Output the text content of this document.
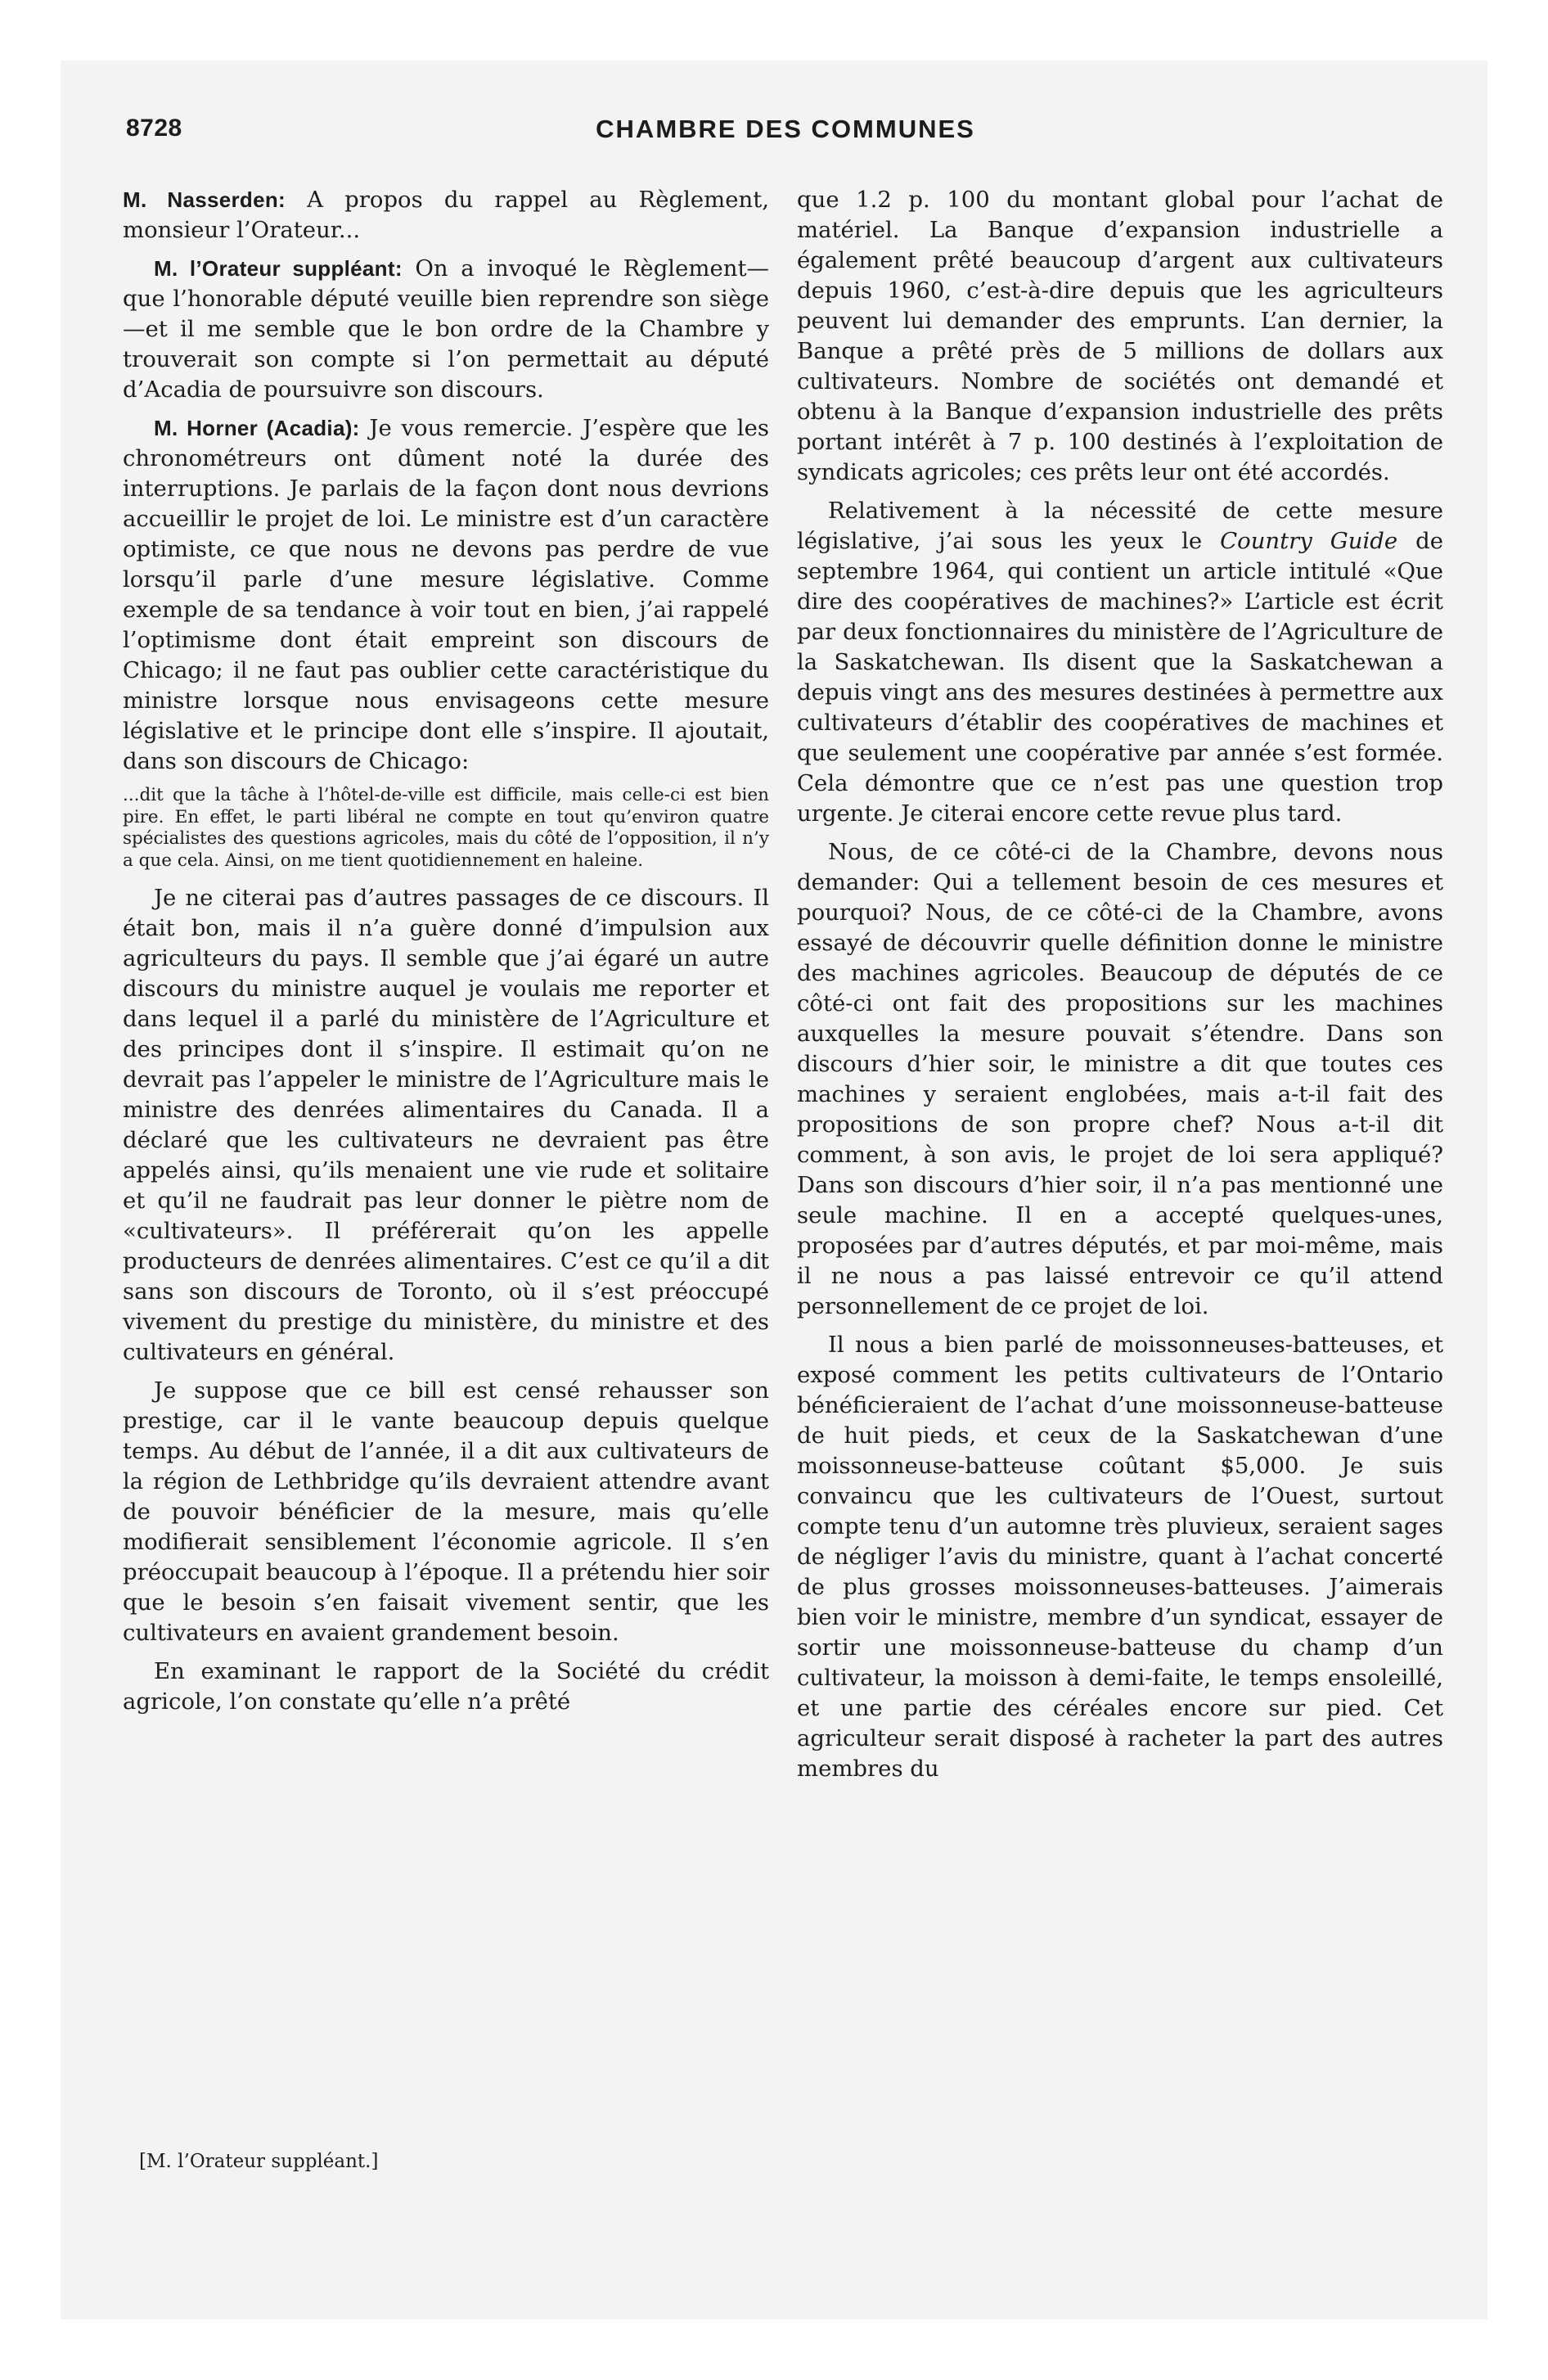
8728	CHAMBRE DES COMMUNES

M. Nasserden: A propos du rappel au Règlement, monsieur l’Orateur...

M. l’Orateur suppléant: On a invoqué le Règlement—que l’honorable député veuille bien reprendre son siège—et il me semble que le bon ordre de la Chambre y trouverait son compte si l’on permettait au député d’Acadia de poursuivre son discours.

M. Horner (Acadia): Je vous remercie. J’espère que les chronométreurs ont dûment noté la durée des interruptions. Je parlais de la façon dont nous devrions accueillir le projet de loi. Le ministre est d’un caractère optimiste, ce que nous ne devons pas perdre de vue lorsqu’il parle d’une mesure législative. Comme exemple de sa tendance à voir tout en bien, j’ai rappelé l’optimisme dont était empreint son discours de Chicago; il ne faut pas oublier cette caractéristique du ministre lorsque nous envisageons cette mesure législative et le principe dont elle s’inspire. Il ajoutait, dans son discours de Chicago:

...dit que la tâche à l’hôtel-de-ville est difficile, mais celle-ci est bien pire. En effet, le parti libéral ne compte en tout qu’environ quatre spécialistes des questions agricoles, mais du côté de l’opposition, il n’y a que cela. Ainsi, on me tient quotidiennement en haleine.

Je ne citerai pas d’autres passages de ce discours. Il était bon, mais il n’a guère donné d’impulsion aux agriculteurs du pays. Il semble que j’ai égaré un autre discours du ministre auquel je voulais me reporter et dans lequel il a parlé du ministère de l’Agriculture et des principes dont il s’inspire. Il estimait qu’on ne devrait pas l’appeler le ministre de l’Agriculture mais le ministre des denrées alimentaires du Canada. Il a déclaré que les cultivateurs ne devraient pas être appelés ainsi, qu’ils menaient une vie rude et solitaire et qu’il ne faudrait pas leur donner le piètre nom de «cultivateurs». Il préférerait qu’on les appelle producteurs de denrées alimentaires. C’est ce qu’il a dit sans son discours de Toronto, où il s’est préoccupé vivement du prestige du ministère, du ministre et des cultivateurs en général.

Je suppose que ce bill est censé rehausser son prestige, car il le vante beaucoup depuis quelque temps. Au début de l’année, il a dit aux cultivateurs de la région de Lethbridge qu’ils devraient attendre avant de pouvoir bénéficier de la mesure, mais qu’elle modifierait sensiblement l’économie agricole. Il s’en préoccupait beaucoup à l’époque. Il a prétendu hier soir que le besoin s’en faisait vivement sentir, que les cultivateurs en avaient grandement besoin.

En examinant le rapport de la Société du crédit agricole, l’on constate qu’elle n’a prêté

que 1.2 p. 100 du montant global pour l’achat de matériel. La Banque d’expansion industrielle a également prêté beaucoup d’argent aux cultivateurs depuis 1960, c’est-à-dire depuis que les agriculteurs peuvent lui demander des emprunts. L’an dernier, la Banque a prêté près de 5 millions de dollars aux cultivateurs. Nombre de sociétés ont demandé et obtenu à la Banque d’expansion industrielle des prêts portant intérêt à 7 p. 100 destinés à l’exploitation de syndicats agricoles; ces prêts leur ont été accordés.

Relativement à la nécessité de cette mesure législative, j’ai sous les yeux le Country Guide de septembre 1964, qui contient un article intitulé «Que dire des coopératives de machines?» L’article est écrit par deux fonctionnaires du ministère de l’Agriculture de la Saskatchewan. Ils disent que la Saskatchewan a depuis vingt ans des mesures destinées à permettre aux cultivateurs d’établir des coopératives de machines et que seulement une coopérative par année s’est formée. Cela démontre que ce n’est pas une question trop urgente. Je citerai encore cette revue plus tard.

Nous, de ce côté-ci de la Chambre, devons nous demander: Qui a tellement besoin de ces mesures et pourquoi? Nous, de ce côté-ci de la Chambre, avons essayé de découvrir quelle définition donne le ministre des machines agricoles. Beaucoup de députés de ce côté-ci ont fait des propositions sur les machines auxquelles la mesure pouvait s’étendre. Dans son discours d’hier soir, le ministre a dit que toutes ces machines y seraient englobées, mais a-t-il fait des propositions de son propre chef? Nous a-t-il dit comment, à son avis, le projet de loi sera appliqué? Dans son discours d’hier soir, il n’a pas mentionné une seule machine. Il en a accepté quelques-unes, proposées par d’autres députés, et par moi-même, mais il ne nous a pas laissé entrevoir ce qu’il attend personnellement de ce projet de loi.

Il nous a bien parlé de moissonneuses-batteuses, et exposé comment les petits cultivateurs de l’Ontario bénéficieraient de l’achat d’une moissonneuse-batteuse de huit pieds, et ceux de la Saskatchewan d’une moissonneuse-batteuse coûtant $5,000. Je suis convaincu que les cultivateurs de l’Ouest, surtout compte tenu d’un automne très pluvieux, seraient sages de négliger l’avis du ministre, quant à l’achat concerté de plus grosses moissonneuses-batteuses. J’aimerais bien voir le ministre, membre d’un syndicat, essayer de sortir une moissonneuse-batteuse du champ d’un cultivateur, la moisson à demi-faite, le temps ensoleillé, et une partie des céréales encore sur pied. Cet agriculteur serait disposé à racheter la part des autres membres du

[M. l’Orateur suppléant.]
